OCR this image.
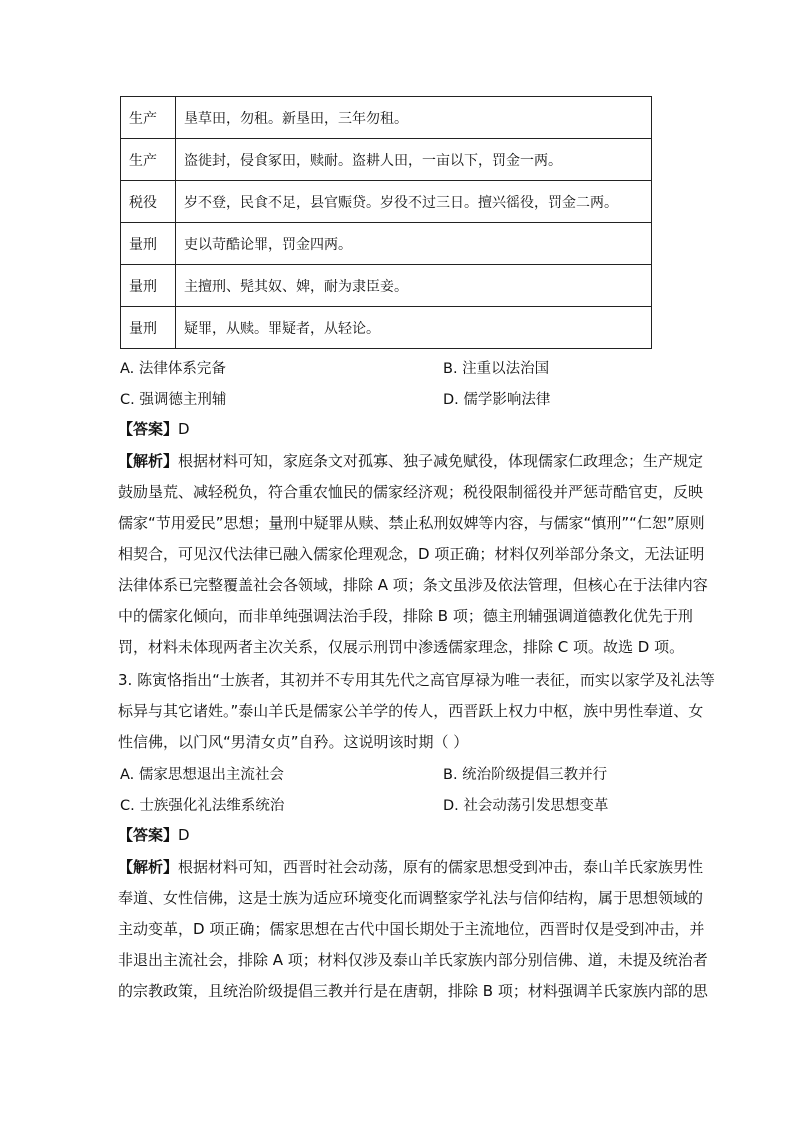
生产	垦草田，勿租。新垦田，三年勿租。
生产	盗徙封，侵食冢田，赎耐。盗耕人田，一亩以下，罚金一两。
税役	岁不登，民食不足，县官赈贷。岁役不过三日。擅兴徭役，罚金二两。
量刑	吏以苛酷论罪，罚金四两。
量刑	主擅刑、髡其奴、婢，耐为隶臣妾。
量刑	疑罪，从赎。罪疑者，从轻论。
A. 法律体系完备	B. 注重以法治国
C. 强调德主刑辅	D. 儒学影响法律
【答案】D
【解析】根据材料可知，家庭条文对孤寡、独子减免赋役，体现儒家仁政理念；生产规定
鼓励垦荒、减轻税负，符合重农恤民的儒家经济观；税役限制徭役并严惩苛酷官吏，反映
儒家“节用爱民”思想；量刑中疑罪从赎、禁止私刑奴婢等内容，与儒家“慎刑”“仁恕”原则
相契合，可见汉代法律已融入儒家伦理观念，D 项正确；材料仅列举部分条文，无法证明
法律体系已完整覆盖社会各领域，排除 A 项；条文虽涉及依法管理，但核心在于法律内容
中的儒家化倾向，而非单纯强调法治手段，排除 B 项；德主刑辅强调道德教化优先于刑
罚，材料未体现两者主次关系，仅展示刑罚中渗透儒家理念，排除 C 项。故选 D 项。
3. 陈寅恪指出“士族者，其初并不专用其先代之高官厚禄为唯一表征，而实以家学及礼法等
标异与其它诸姓。”泰山羊氏是儒家公羊学的传人，西晋跃上权力中枢，族中男性奉道、女
性信佛，以门风“男清女贞”自矜。这说明该时期（ ）
A. 儒家思想退出主流社会	B. 统治阶级提倡三教并行
C. 士族强化礼法维系统治	D. 社会动荡引发思想变革
【答案】D
【解析】根据材料可知，西晋时社会动荡，原有的儒家思想受到冲击，泰山羊氏家族男性
奉道、女性信佛，这是士族为适应环境变化而调整家学礼法与信仰结构，属于思想领域的
主动变革，D 项正确；儒家思想在古代中国长期处于主流地位，西晋时仅是受到冲击，并
非退出主流社会，排除 A 项；材料仅涉及泰山羊氏家族内部分别信佛、道，未提及统治者
的宗教政策，且统治阶级提倡三教并行是在唐朝，排除 B 项；材料强调羊氏家族内部的思
